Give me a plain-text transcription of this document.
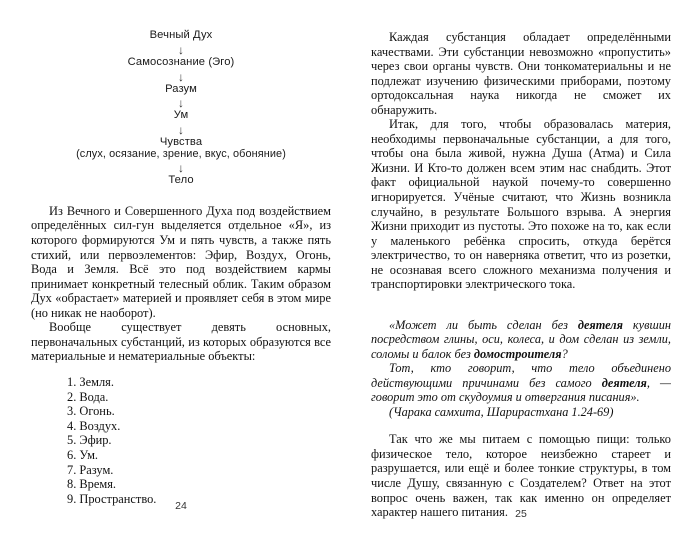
Вечный Дух
↓
Самосознание (Эго)
↓
Разум
↓
Ум
↓
Чувства
(слух, осязание, зрение, вкус, обоняние)
↓
Тело

Из Вечного и Совершенного Духа под воздействием определённых сил-гун выделяется отдельное «Я», из которого формируются Ум и пять чувств, а также пять стихий, или первоэлементов: Эфир, Воздух, Огонь, Вода и Земля. Всё это под воздействием кармы принимает конкретный телесный облик. Таким образом Дух «обрастает» материей и проявляет себя в этом мире (но никак не наоборот).

Вообще существует девять основных, первоначальных субстанций, из которых образуются все материальные и нематериальные объекты:

1. Земля.
2. Вода.
3. Огонь.
4. Воздух.
5. Эфир.
6. Ум.
7. Разум.
8. Время.
9. Пространство.
24

Каждая субстанция обладает определёнными качествами. Эти субстанции невозможно «пропустить» через свои органы чувств. Они тонкоматериальны и не подлежат изучению физическими приборами, поэтому ортодоксальная наука никогда не сможет их обнаружить.

Итак, для того, чтобы образовалась материя, необходимы первоначальные субстанции, а для того, чтобы она была живой, нужна Душа (Атма) и Сила Жизни. И Кто-то должен всем этим нас снабдить. Этот факт официальной наукой почему-то совершенно игнорируется. Учёные считают, что Жизнь возникла случайно, в результате Большого взрыва. А энергия Жизни приходит из пустоты. Это похоже на то, как если у маленького ребёнка спросить, откуда берётся электричество, то он наверняка ответит, что из розетки, не осознавая всего сложного механизма получения и транспортировки электрического тока.

«Может ли быть сделан без деятеля кувшин посредством глины, оси, колеса, и дом сделан из земли, соломы и балок без домостроителя?

Тот, кто говорит, что тело объединено действующими причинами без самого деятеля, — говорит это от скудоумия и отвергания писания».

(Чарака самхита, Шарирастхана 1.24-69)

Так что же мы питаем с помощью пищи: только физическое тело, которое неизбежно стареет и разрушается, или ещё и более тонкие структуры, в том числе Душу, связанную с Создателем? Ответ на этот вопрос очень важен, так как именно он определяет характер нашего питания. 25
